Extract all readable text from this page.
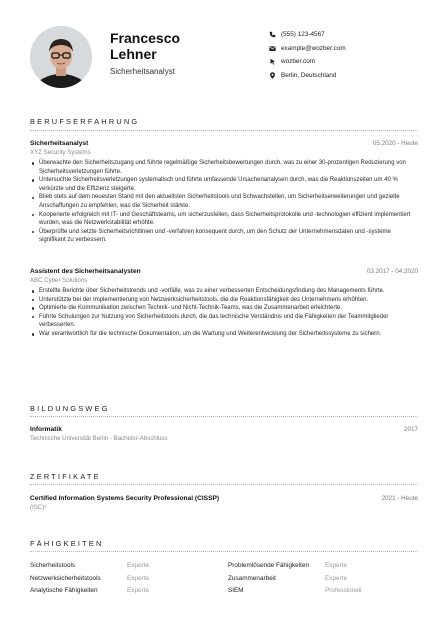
Francesco Lehner
Sicherheitsanalyst
(555) 123-4567
example@wozber.com
wozber.com
Berlin, Deutschland
BERUFSERFAHRUNG
Sicherheitsanalyst	05.2020 - Heute
XYZ Security Systems
Überwachte den Sicherheitszugang und führte regelmäßige Sicherheitsbewertungen durch, was zu einer 30-prozentigen Reduzierung von Sicherheitsverletzungen führte.
Untersuchte Sicherheitsverletzungen systematisch und führte umfassende Ursachenanalysen durch, was die Reaktionszeiten um 40 % verkürzte und die Effizienz steigerte.
Blieb stets auf dem neuesten Stand mit den aktuellsten Sicherheitstools und Schwachstellen, um Sicherheitserweiterungen und gezielte Anschaffungen zu empfehlen, was die Sicherheit stärkte.
Kooperierte erfolgreich mit IT- und Geschäftsteams, um sicherzustellen, dass Sicherheitsprotokolle und -technologien effizient implementiert wurden, was die Netzwerkstabilität erhöhte.
Überprüfte und setzte Sicherheitsrichtlinien und -verfahren konsequent durch, um den Schutz der Unternehmensdaten und -systeme signifikant zu verbessern.
Assistent des Sicherheitsanalysten	03.2017 - 04.2020
ABC Cyber Solutions
Erstellte Berichte über Sicherheitstrends und -vorfälle, was zu einer verbesserten Entscheidungsfindung des Managements führte.
Unterstützte bei der Implementierung von Netzwerksicherheitstools, die die Reaktionsfähigkeit des Unternehmens erhöhten.
Optimierte die Kommunikation zwischen Technik- und Nicht-Technik-Teams, was die Zusammenarbeit erleichterte.
Führte Schulungen zur Nutzung von Sicherheitstools durch, die das technische Verständnis und die Fähigkeiten der Teammitglieder verbesserten.
War verantwortlich für die technische Dokumentation, um die Wartung und Weiterentwicklung der Sicherheitssysteme zu sichern.
BILDUNGSWEG
Informatik	2017
Technische Universität Berlin - Bachelor-Abschluss
ZERTIFIKATE
Certified Information Systems Security Professional (CISSP)	2021 - Heute
(ISC)²
FÄHIGKEITEN
Sicherheitstools	Experte	Problemlösende Fähigkeiten	Experte
Netzwerksicherheitstools	Experte	Zusammenarbeit	Experte
Analytische Fähigkeiten	Experte	SIEM	Professionell
